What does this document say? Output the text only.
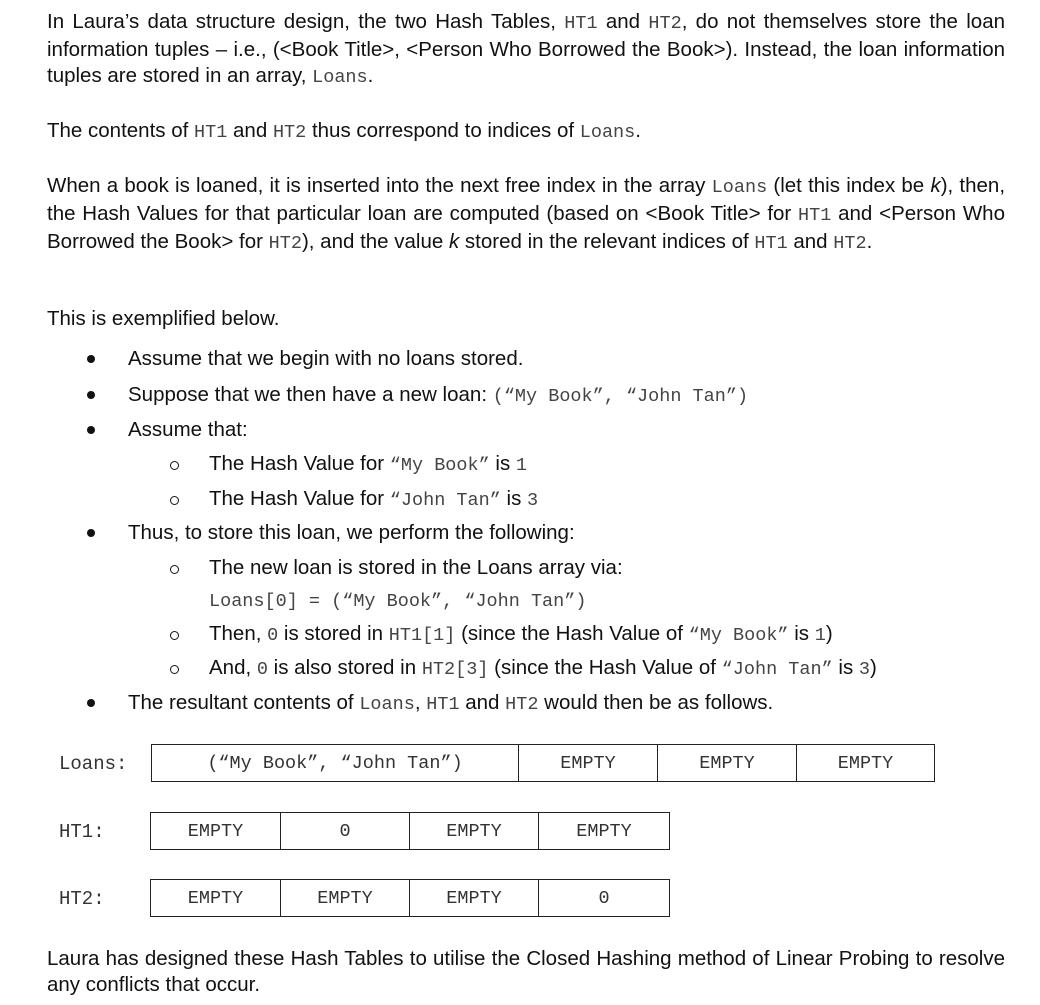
In Laura’s data structure design, the two Hash Tables, HT1 and HT2, do not themselves store the loan information tuples – i.e., (<Book Title>, <Person Who Borrowed the Book>). Instead, the loan information tuples are stored in an array, Loans.

The contents of HT1 and HT2 thus correspond to indices of Loans.

When a book is loaned, it is inserted into the next free index in the array Loans (let this index be k), then, the Hash Values for that particular loan are computed (based on <Book Title> for HT1 and <Person Who Borrowed the Book> for HT2), and the value k stored in the relevant indices of HT1 and HT2.

This is exemplified below.

Assume that we begin with no loans stored.
Suppose that we then have a new loan: (“My Book”, “John Tan”)
Assume that:
The Hash Value for “My Book” is 1
The Hash Value for “John Tan” is 3
Thus, to store this loan, we perform the following:
The new loan is stored in the Loans array via:
Loans[0] = (“My Book”, “John Tan”)
Then, 0 is stored in HT1[1] (since the Hash Value of “My Book” is 1)
And, 0 is also stored in HT2[3] (since the Hash Value of “John Tan” is 3)
The resultant contents of Loans, HT1 and HT2 would then be as follows.
Loans:	(“My Book”, “John Tan”)	EMPTY	EMPTY	EMPTY
HT1:	EMPTY	0	EMPTY	EMPTY
HT2:	EMPTY	EMPTY	EMPTY	0

Laura has designed these Hash Tables to utilise the Closed Hashing method of Linear Probing to resolve any conflicts that occur.
